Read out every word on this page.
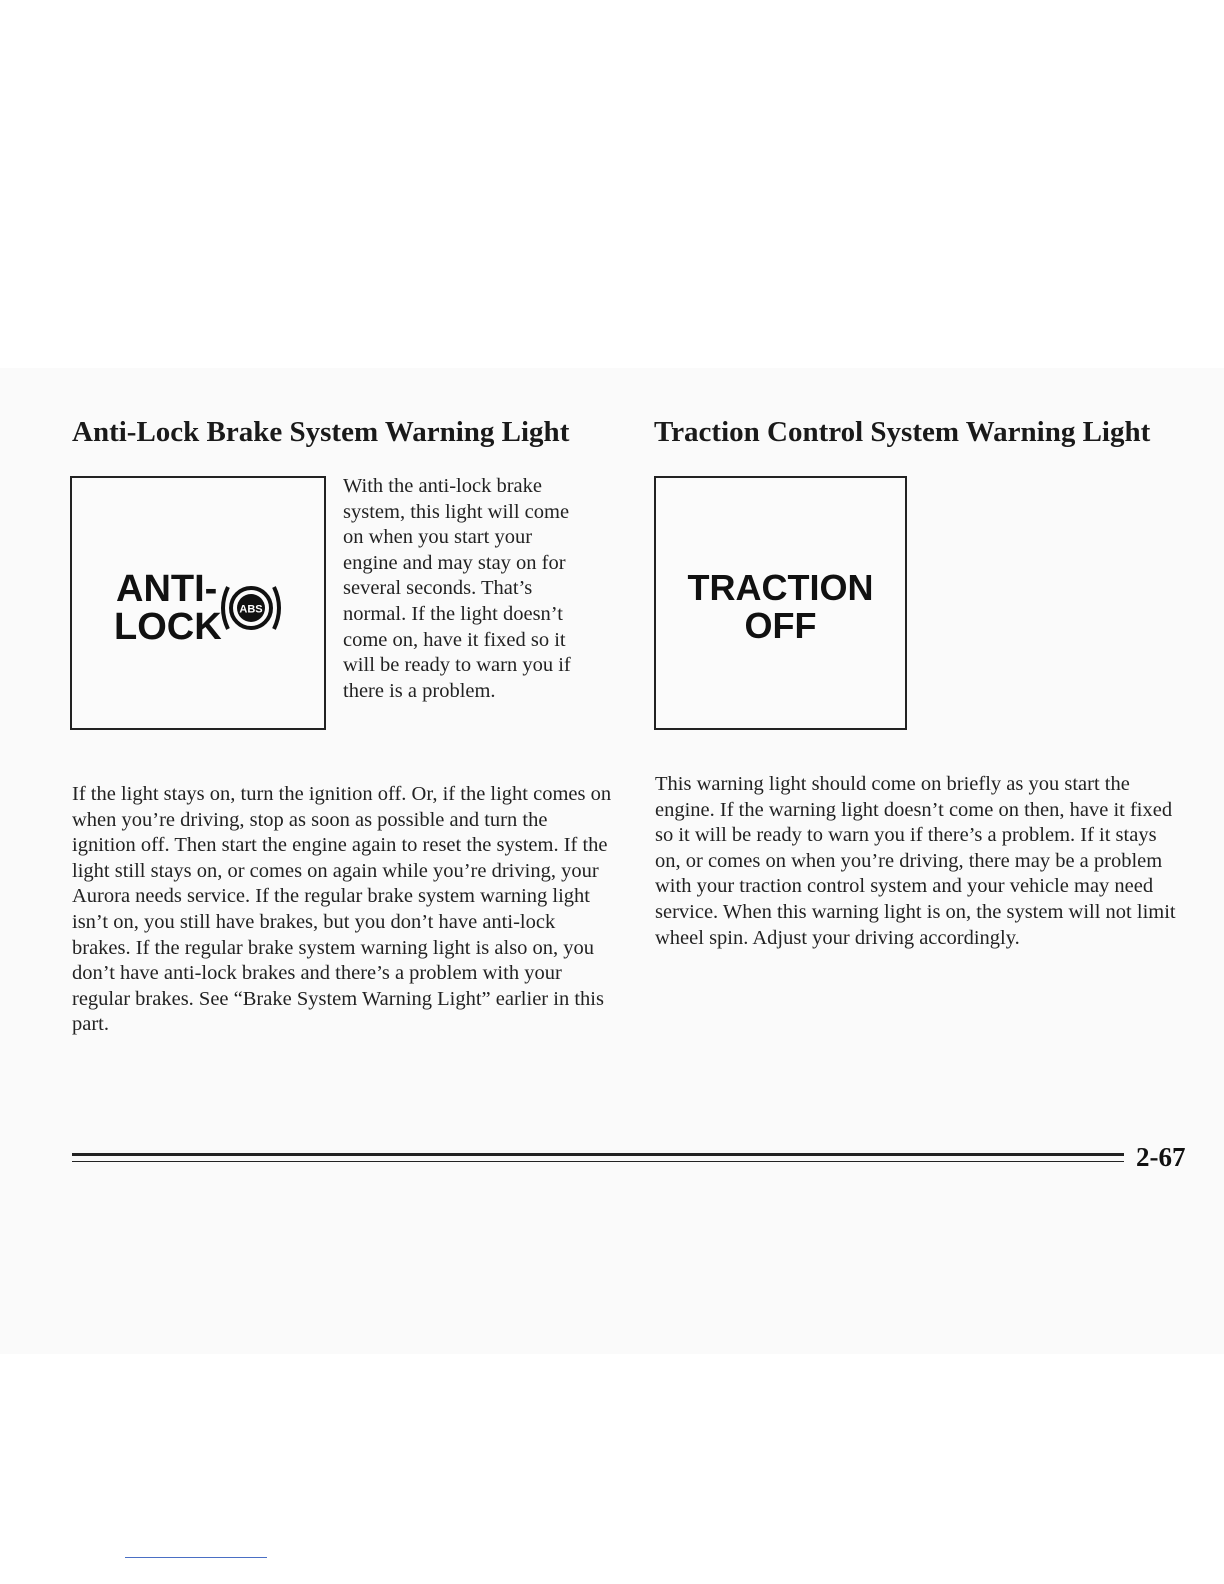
Anti-Lock Brake System Warning Light
ANTI-
LOCK ABS

With the anti-lock brake system, this light will come on when you start your engine and may stay on for several seconds. That’s normal. If the light doesn’t come on, have it fixed so it will be ready to warn you if there is a problem.

If the light stays on, turn the ignition off. Or, if the light comes on when you’re driving, stop as soon as possible and turn the ignition off. Then start the engine again to reset the system. If the light still stays on, or comes on again while you’re driving, your Aurora needs service. If the regular brake system warning light isn’t on, you still have brakes, but you don’t have anti-lock brakes. If the regular brake system warning light is also on, you don’t have anti-lock brakes and there’s a problem with your regular brakes. See “Brake System Warning Light” earlier in this part.

Traction Control System Warning Light
TRACTION
OFF

This warning light should come on briefly as you start the engine. If the warning light doesn’t come on then, have it fixed so it will be ready to warn you if there’s a problem. If it stays on, or comes on when you’re driving, there may be a problem with your traction control system and your vehicle may need service. When this warning light is on, the system will not limit wheel spin. Adjust your driving accordingly.

2-67
